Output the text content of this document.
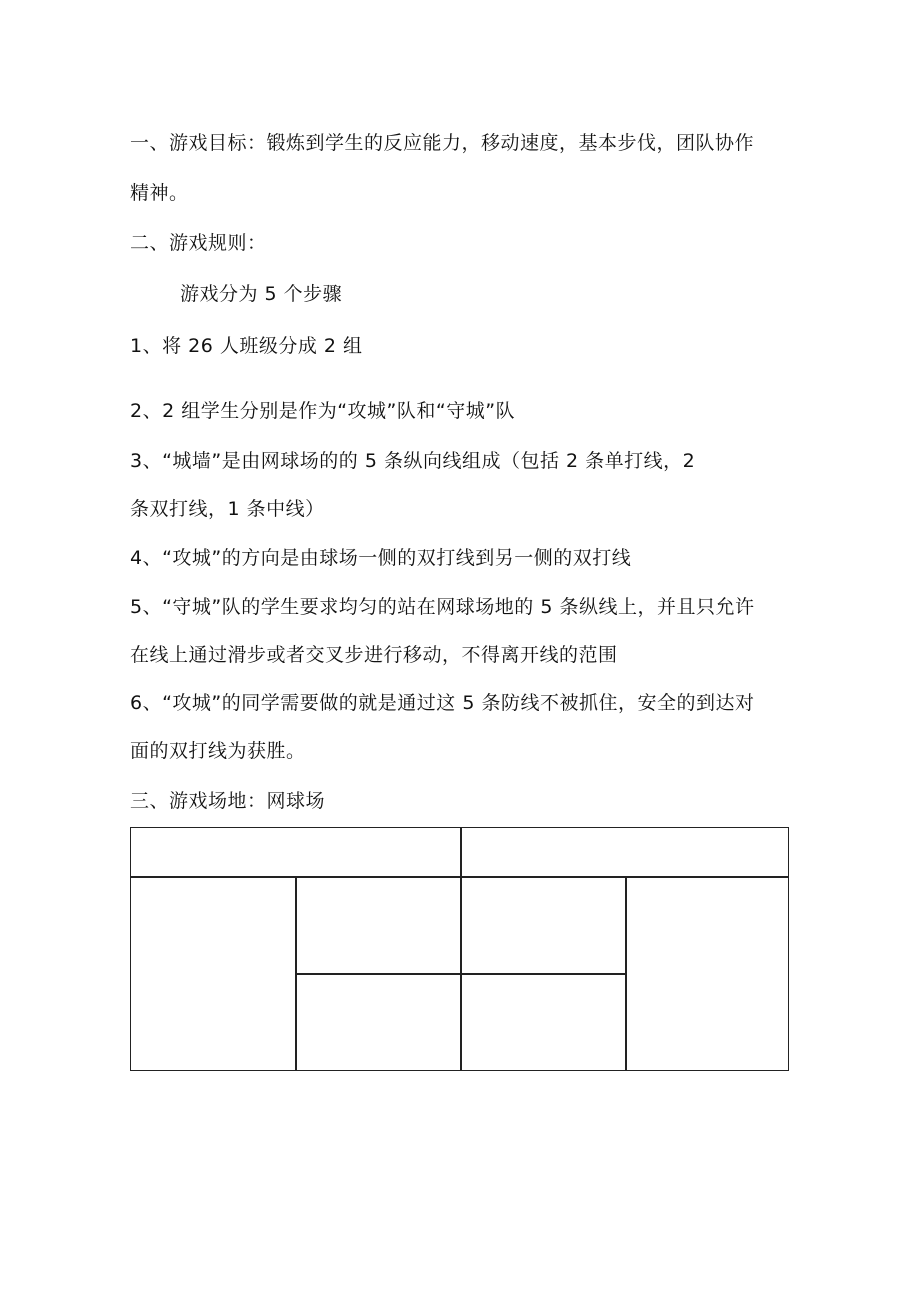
一、游戏目标：锻炼到学生的反应能力，移动速度，基本步伐，团队协作
精神。
二、游戏规则：
游戏分为 5 个步骤
1、将 26 人班级分成 2 组
2、2 组学生分别是作为“攻城”队和“守城”队
3、“城墙”是由网球场的的 5 条纵向线组成（包括 2 条单打线，2
条双打线，1 条中线）
4、“攻城”的方向是由球场一侧的双打线到另一侧的双打线
5、“守城”队的学生要求均匀的站在网球场地的 5 条纵线上，并且只允许
在线上通过滑步或者交叉步进行移动，不得离开线的范围
6、“攻城”的同学需要做的就是通过这 5 条防线不被抓住，安全的到达对
面的双打线为获胜。
三、游戏场地：网球场
